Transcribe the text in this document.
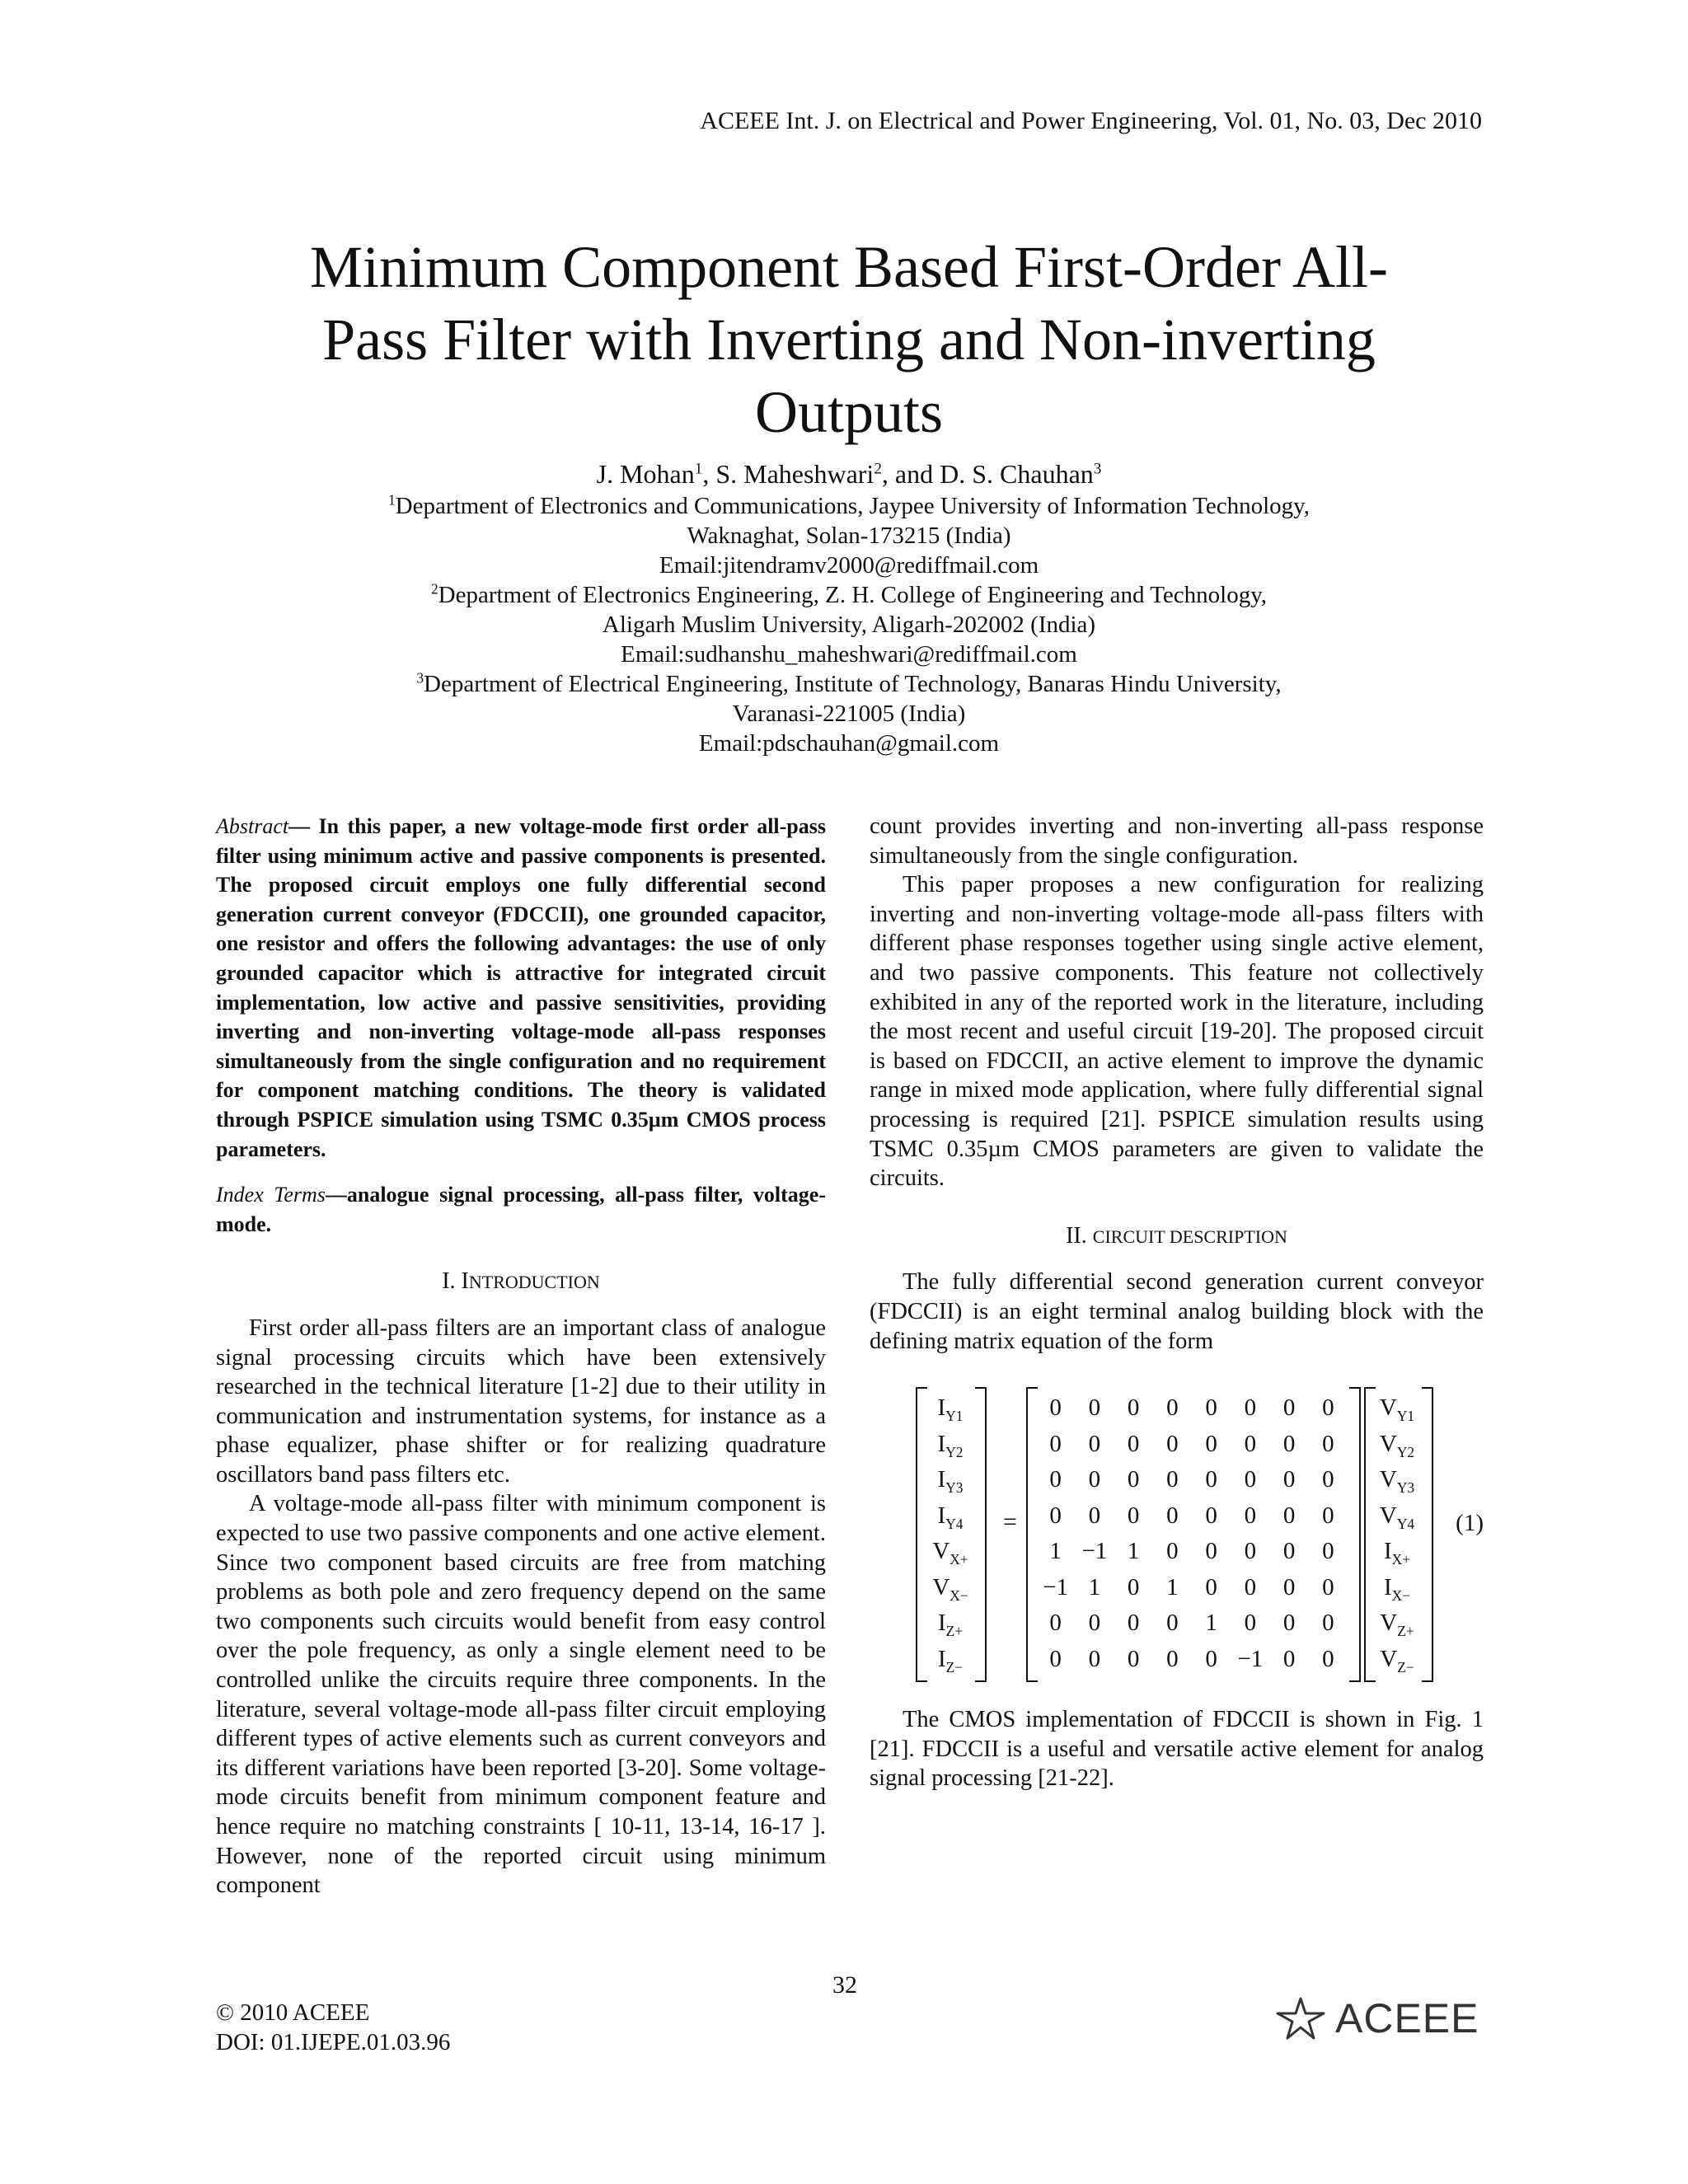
ACEEE Int. J. on Electrical and Power Engineering, Vol. 01, No. 03, Dec 2010
Minimum Component Based First-Order All-
Pass Filter with Inverting and Non-inverting
Outputs
J. Mohan$^1$, S. Maheshwari$^2$, and D. S. Chauhan$^3$
$^1$Department of Electronics and Communications, Jaypee University of Information Technology,
Waknaghat, Solan-173215 (India)
Email:jitendramv2000@rediffmail.com
$^2$Department of Electronics Engineering, Z. H. College of Engineering and Technology,
Aligarh Muslim University, Aligarh-202002 (India)
Email:sudhanshu_maheshwari@rediffmail.com
$^3$Department of Electrical Engineering, Institute of Technology, Banaras Hindu University,
Varanasi-221005 (India)
Email:pdschauhan@gmail.com

Abstract— In this paper, a new voltage-mode first order all-pass filter using minimum active and passive components is presented. The proposed circuit employs one fully differential second generation current conveyor (FDCCII), one grounded capacitor, one resistor and offers the following advantages: the use of only grounded capacitor which is attractive for integrated circuit implementation, low active and passive sensitivities, providing inverting and non-inverting voltage-mode all-pass responses simultaneously from the single configuration and no requirement for component matching conditions. The theory is validated through PSPICE simulation using TSMC 0.35µm CMOS process parameters.

Index Terms—analogue signal processing, all-pass filter, voltage-mode.

I. INTRODUCTION

First order all-pass filters are an important class of analogue signal processing circuits which have been extensively researched in the technical literature [1-2] due to their utility in communication and instrumentation systems, for instance as a phase equalizer, phase shifter or for realizing quadrature oscillators band pass filters etc.

A voltage-mode all-pass filter with minimum component is expected to use two passive components and one active element. Since two component based circuits are free from matching problems as both pole and zero frequency depend on the same two components such circuits would benefit from easy control over the pole frequency, as only a single element need to be controlled unlike the circuits require three components. In the literature, several voltage-mode all-pass filter circuit employing different types of active elements such as current conveyors and its different variations have been reported [3-20]. Some voltage-mode circuits benefit from minimum component feature and hence require no matching constraints [ 10-11, 13-14, 16-17 ]. However, none of the reported circuit using minimum component

count provides inverting and non-inverting all-pass response simultaneously from the single configuration.

This paper proposes a new configuration for realizing inverting and non-inverting voltage-mode all-pass filters with different phase responses together using single active element, and two passive components. This feature not collectively exhibited in any of the reported work in the literature, including the most recent and useful circuit [19-20]. The proposed circuit is based on FDCCII, an active element to improve the dynamic range in mixed mode application, where fully differential signal processing is required [21]. PSPICE simulation results using TSMC 0.35µm CMOS parameters are given to validate the circuits.

II. CIRCUIT DESCRIPTION

The fully differential second generation current conveyor (FDCCII) is an eight terminal analog building block with the defining matrix equation of the form

$I_{Y1}$
$I_{Y2}$
$I_{Y3}$
$I_{Y4}$
$V_{X+}$
$V_{X-}$
$I_{Z+}$
$I_{Z-}$
=
0	0	0	0	0	0	0	0
0	0	0	0	0	0	0	0
0	0	0	0	0	0	0	0
0	0	0	0	0	0	0	0
1 −1 1	0	0	0	0	0
−1 1	0	1	0	0	0	0
0	0	0	0	1	0	0	0
0	0	0	0	0 −1 0	0
$V_{Y1}$
$V_{Y2}$
$V_{Y3}$
$V_{Y4}$
$I_{X+}$
$I_{X-}$
$V_{Z+}$
$V_{Z-}$
(1)

The CMOS implementation of FDCCII is shown in Fig. 1 [21]. FDCCII is a useful and versatile active element for analog signal processing [21-22].

32
© 2010 ACEEE
DOI: 01.IJEPE.01.03.96
ACEEE
